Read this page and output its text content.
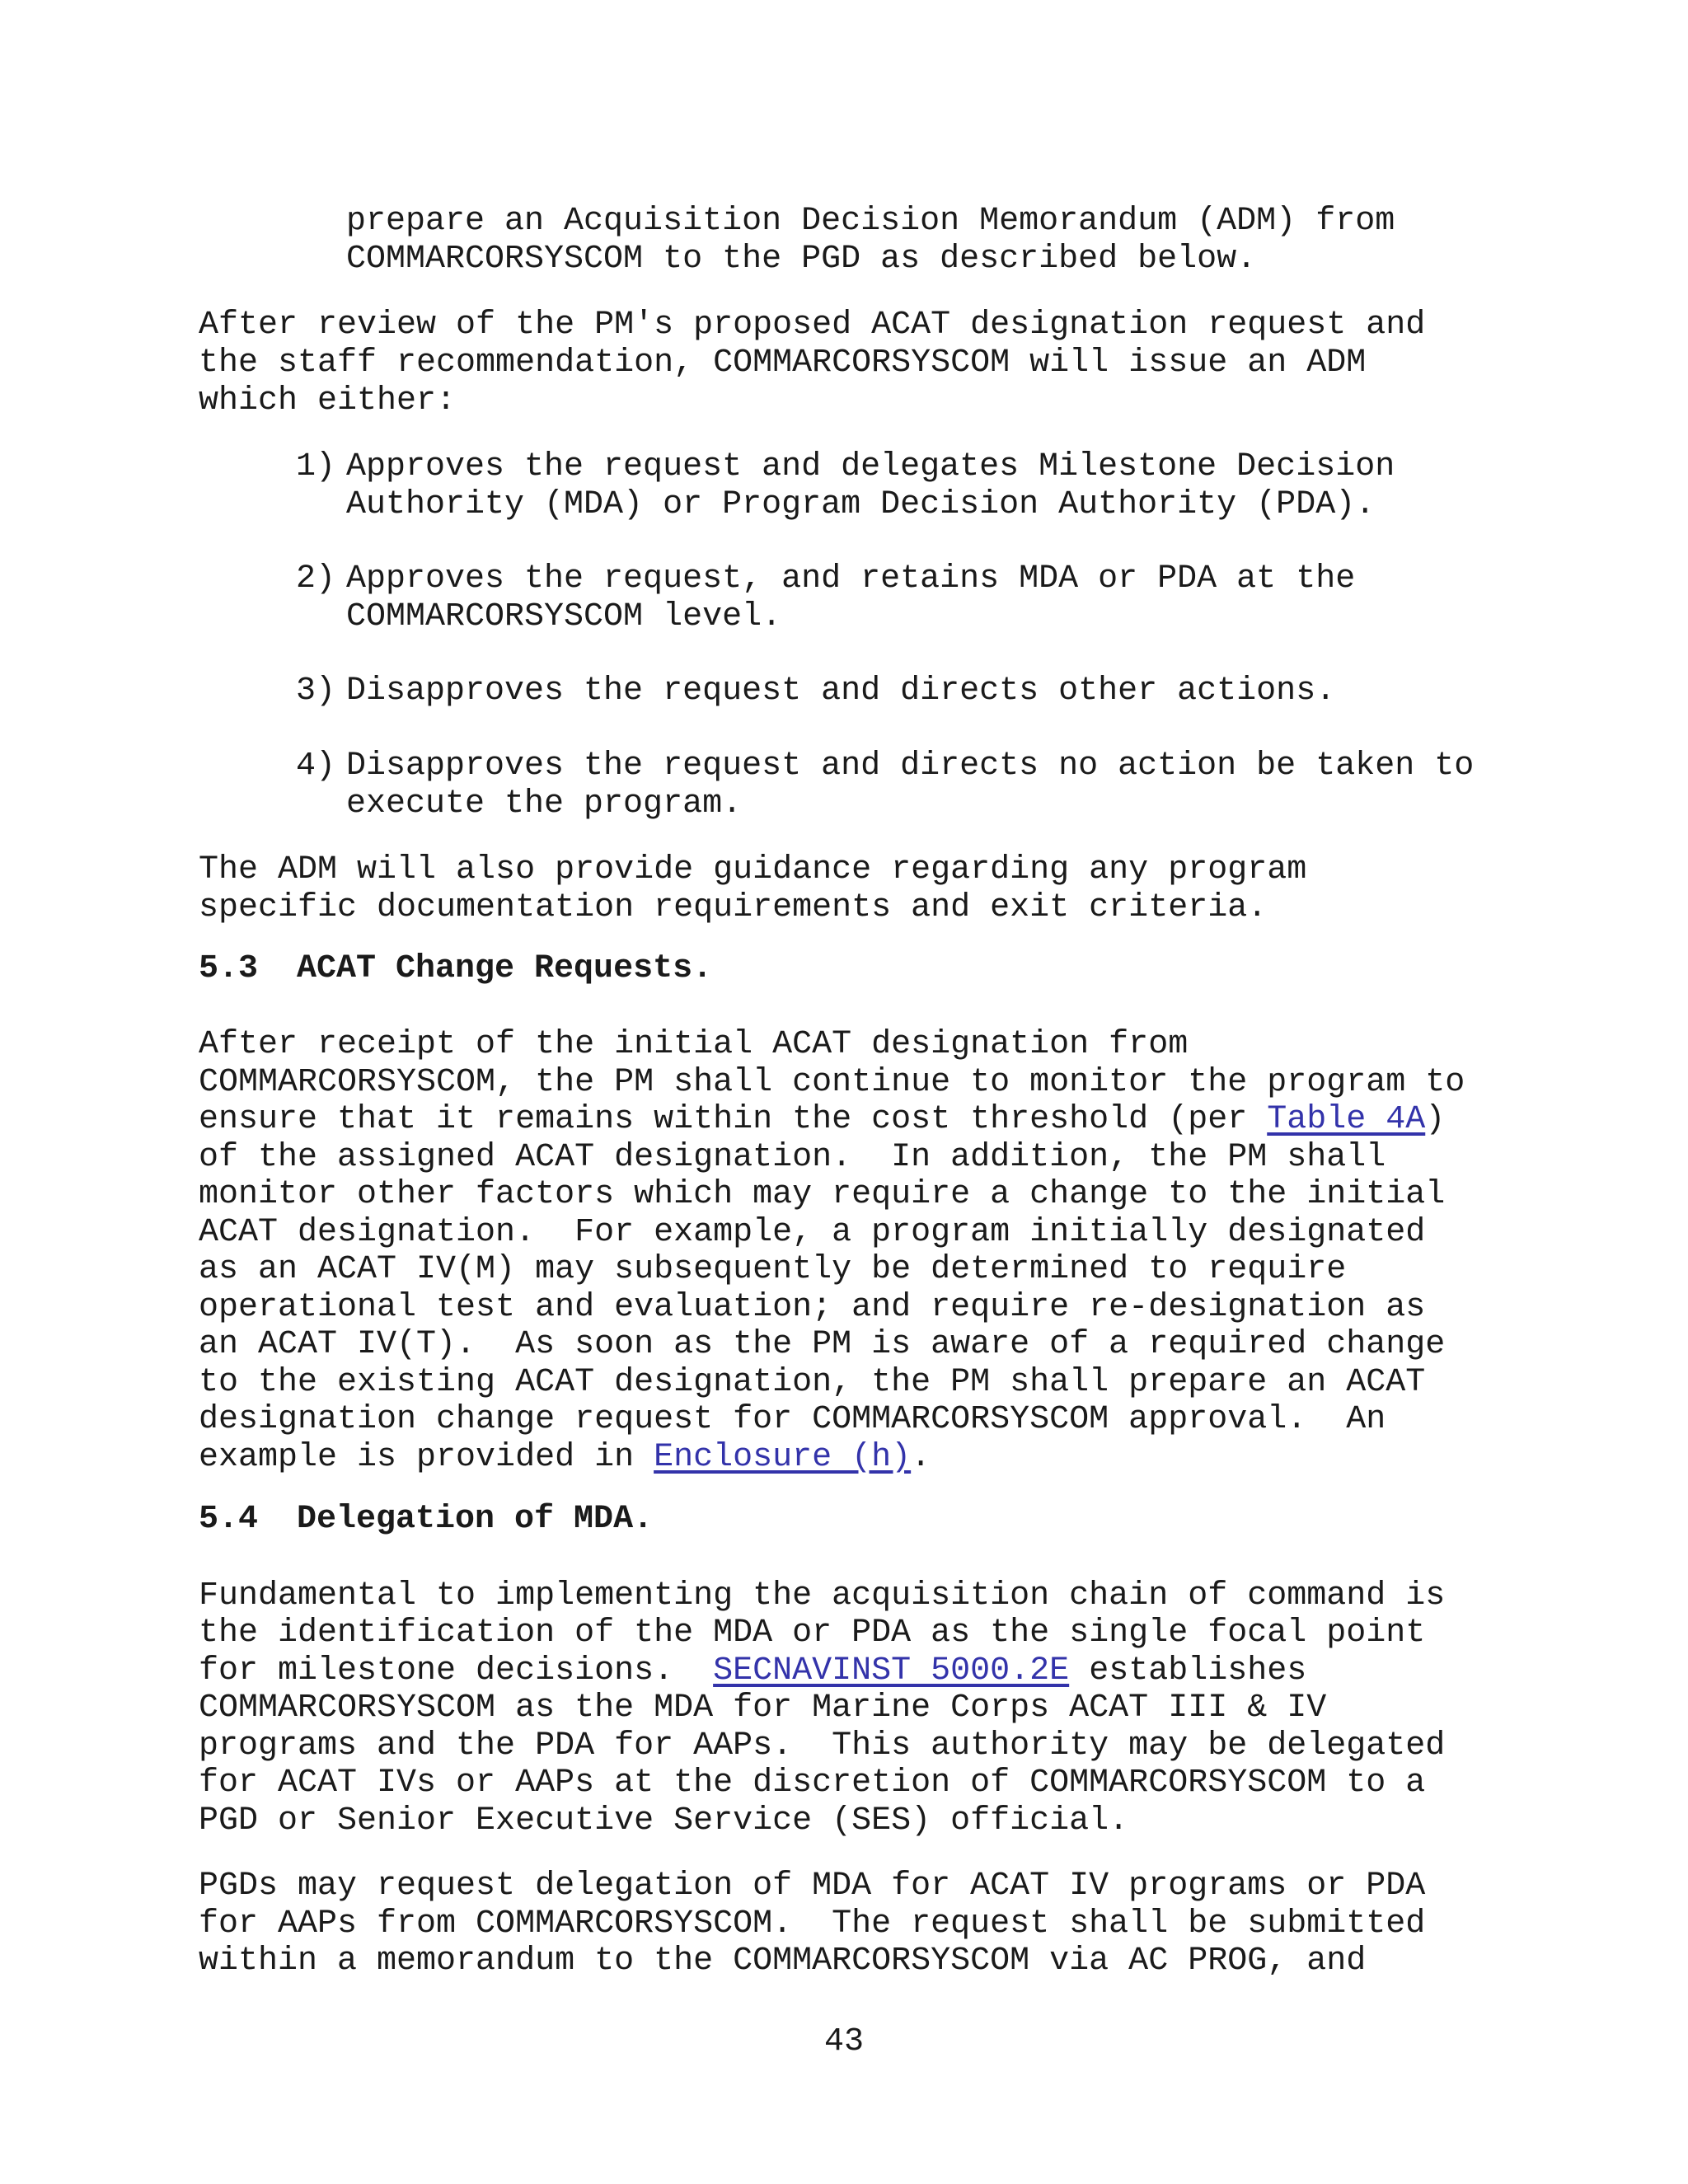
prepare an Acquisition Decision Memorandum (ADM) from

COMMARCORSYSCOM to the PGD as described below.

After review of the PM's proposed ACAT designation request and

the staff recommendation, COMMARCORSYSCOM will issue an ADM

which either:

1) Approves the request and delegates Milestone Decision

Authority (MDA) or Program Decision Authority (PDA).

2) Approves the request, and retains MDA or PDA at the

COMMARCORSYSCOM level.

3) Disapproves the request and directs other actions.

4) Disapproves the request and directs no action be taken to

execute the program.

The ADM will also provide guidance regarding any program

specific documentation requirements and exit criteria.

5.3 ACAT Change Requests.

After receipt of the initial ACAT designation from

COMMARCORSYSCOM, the PM shall continue to monitor the program to

ensure that it remains within the cost threshold (per Table 4A)

of the assigned ACAT designation.  In addition, the PM shall

monitor other factors which may require a change to the initial

ACAT designation.  For example, a program initially designated

as an ACAT IV(M) may subsequently be determined to require

operational test and evaluation; and require re-designation as

an ACAT IV(T).  As soon as the PM is aware of a required change

to the existing ACAT designation, the PM shall prepare an ACAT

designation change request for COMMARCORSYSCOM approval.  An

example is provided in Enclosure (h).

5.4 Delegation of MDA.

Fundamental to implementing the acquisition chain of command is

the identification of the MDA or PDA as the single focal point

for milestone decisions.  SECNAVINST 5000.2E establishes

COMMARCORSYSCOM as the MDA for Marine Corps ACAT III & IV

programs and the PDA for AAPs.  This authority may be delegated

for ACAT IVs or AAPs at the discretion of COMMARCORSYSCOM to a

PGD or Senior Executive Service (SES) official.

PGDs may request delegation of MDA for ACAT IV programs or PDA

for AAPs from COMMARCORSYSCOM.  The request shall be submitted

within a memorandum to the COMMARCORSYSCOM via AC PROG, and

43
